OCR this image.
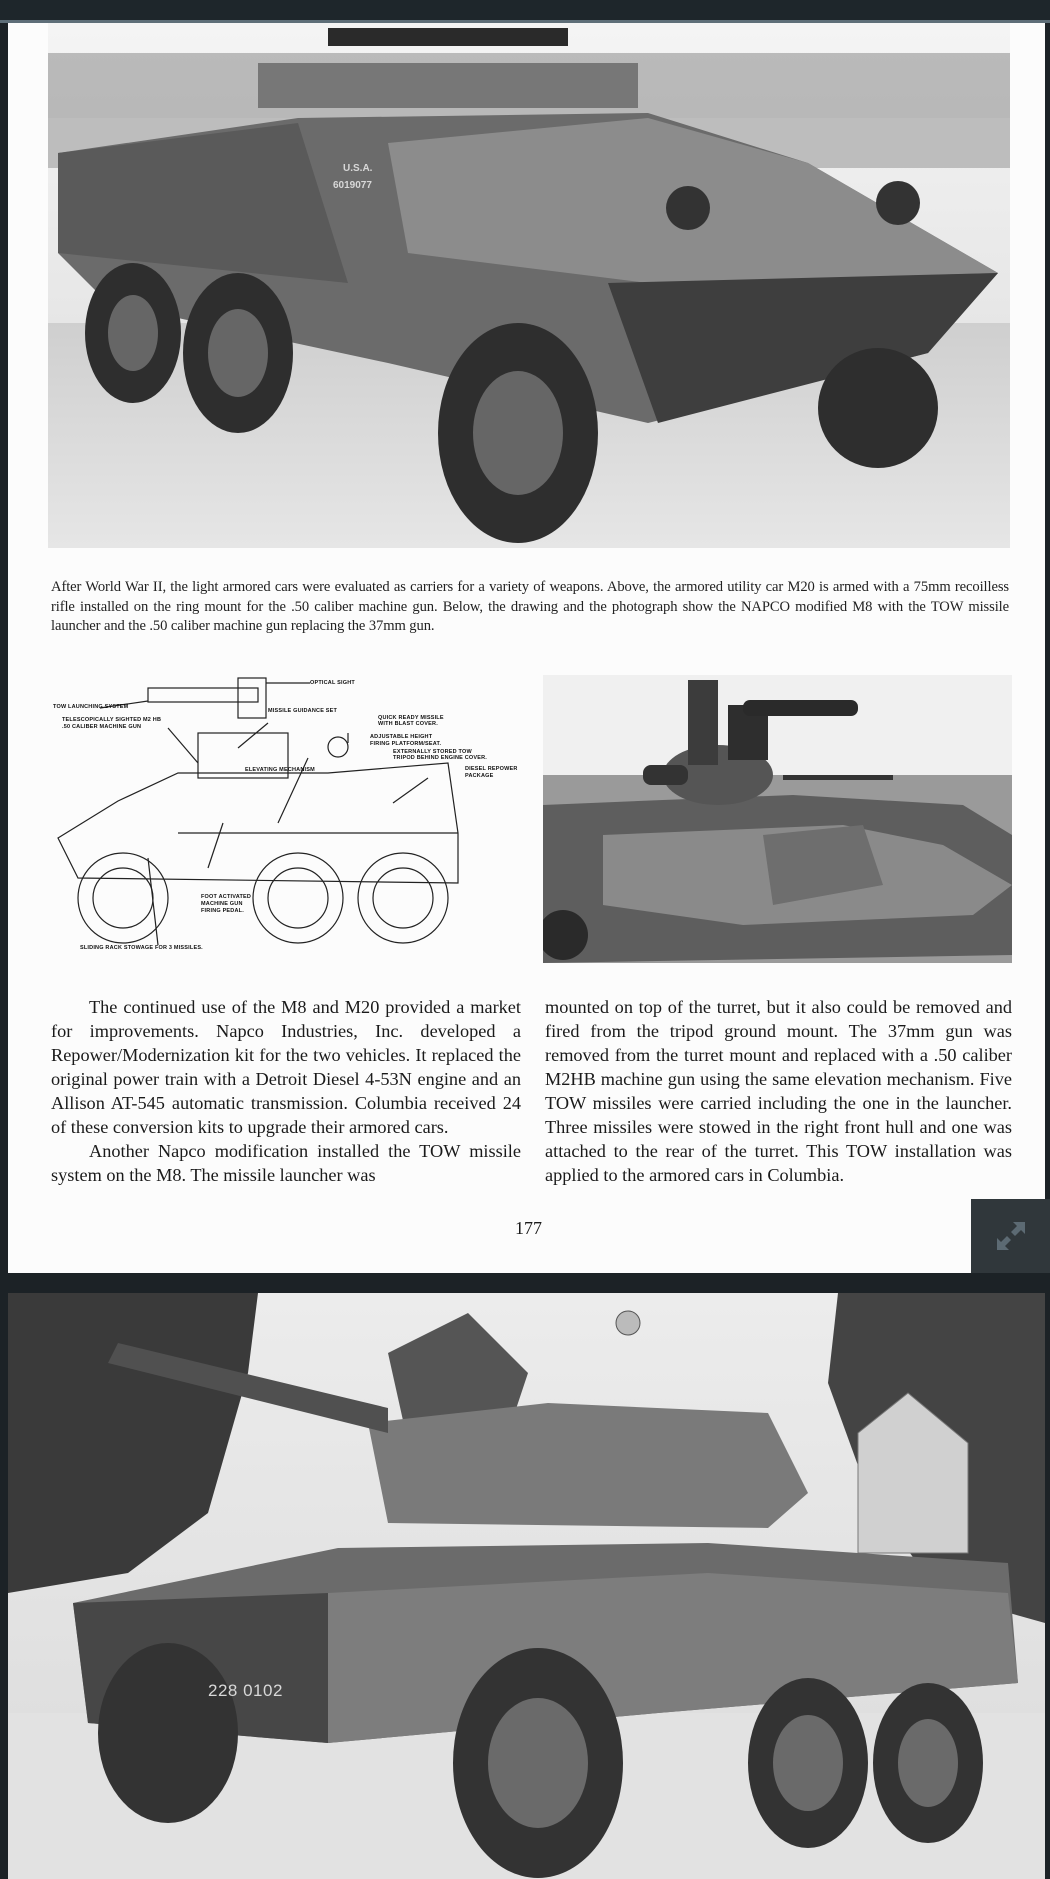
U.S.A.
6019077

After World War II, the light armored cars were evaluated as carriers for a variety of weapons. Above, the armored utility car M20 is armed with a 75mm recoilless rifle installed on the ring mount for the .50 caliber machine gun. Below, the drawing and the photograph show the NAPCO modified M8 with the TOW missile launcher and the .50 caliber machine gun replacing the 37mm gun.

OPTICAL SIGHT
TOW LAUNCHING SYSTEM
TELESCOPICALLY SIGHTED M2 HB
.50 CALIBER MACHINE GUN
MISSILE GUIDANCE SET
QUICK READY MISSILE
WITH BLAST COVER.
ADJUSTABLE HEIGHT
FIRING PLATFORM/SEAT.
EXTERNALLY STORED TOW
TRIPOD BEHIND ENGINE COVER.
ELEVATING MECHANISM	DIESEL REPOWER
PACKAGE
FOOT ACTIVATED
MACHINE GUN
FIRING PEDAL.
SLIDING RACK STOWAGE FOR 3 MISSILES.

The continued use of the M8 and M20 provided a market for improvements. Napco Industries, Inc. developed a Repower/Modernization kit for the two vehicles. It replaced the original power train with a Detroit Diesel 4-53N engine and an Allison AT-545 automatic transmission. Columbia received 24 of these conversion kits to upgrade their armored cars.

Another Napco modification installed the TOW missile system on the M8. The missile launcher was

mounted on top of the turret, but it also could be removed and fired from the tripod ground mount. The 37mm gun was removed from the turret mount and replaced with a .50 caliber M2HB machine gun using the same elevation mechanism. Five TOW missiles were carried including the one in the launcher. Three missiles were stowed in the right front hull and one was attached to the rear of the turret. This TOW installation was applied to the armored cars in Columbia.

177
228 0102
